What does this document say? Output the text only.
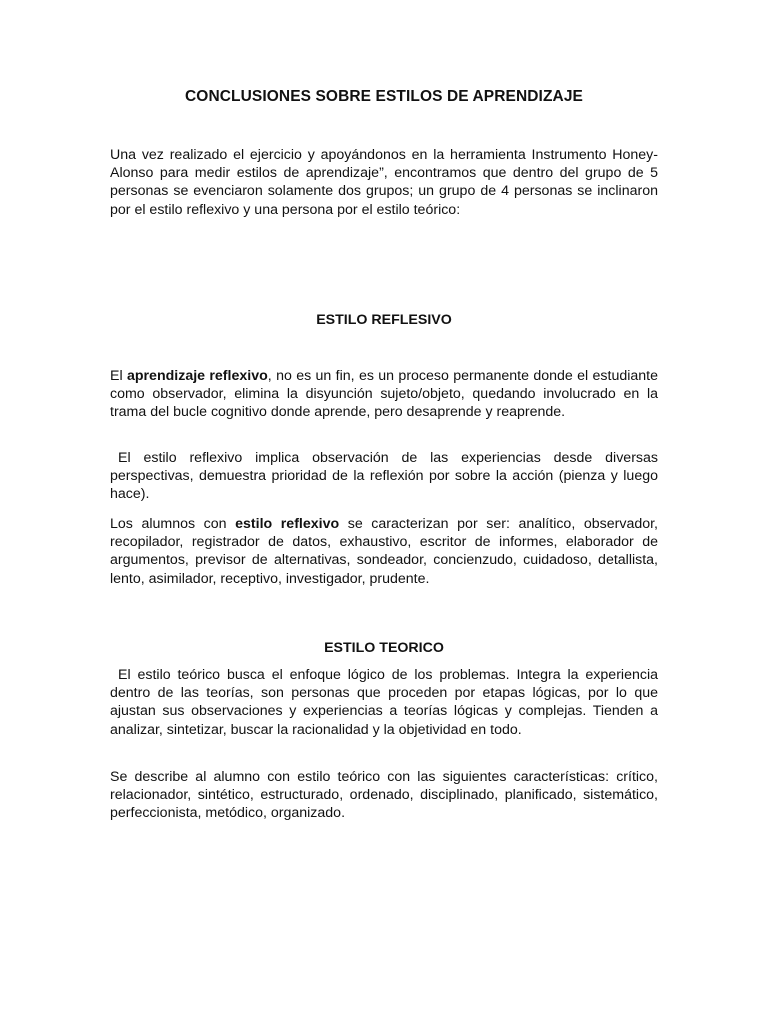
CONCLUSIONES SOBRE ESTILOS DE APRENDIZAJE
Una vez realizado el ejercicio y apoyándonos en la herramienta Instrumento Honey-Alonso para medir estilos de aprendizaje”, encontramos que dentro del grupo de 5 personas se evenciaron solamente dos grupos; un grupo de 4 personas se inclinaron por el estilo reflexivo y una persona por el estilo teórico:
ESTILO REFLESIVO
El aprendizaje reflexivo, no es un fin, es un proceso permanente donde el estudiante como observador, elimina la disyunción sujeto/objeto, quedando involucrado en la trama del bucle cognitivo donde aprende, pero desaprende y reaprende.
El estilo reflexivo implica observación de las experiencias desde diversas perspectivas, demuestra prioridad de la reflexión por sobre la acción (pienza y luego hace).
Los alumnos con estilo reflexivo se caracterizan por ser: analítico, observador, recopilador, registrador de datos, exhaustivo, escritor de informes, elaborador de argumentos, previsor de alternativas, sondeador, concienzudo, cuidadoso, detallista, lento, asimilador, receptivo, investigador, prudente.
ESTILO TEORICO
El estilo teórico busca el enfoque lógico de los problemas. Integra la experiencia dentro de las teorías, son personas que proceden por etapas lógicas, por lo que ajustan sus observaciones y experiencias a teorías lógicas y complejas. Tienden a analizar, sintetizar, buscar la racionalidad y la objetividad en todo.
Se describe al alumno con estilo teórico con las siguientes características: crítico, relacionador, sintético, estructurado, ordenado, disciplinado, planificado, sistemático, perfeccionista, metódico, organizado.
